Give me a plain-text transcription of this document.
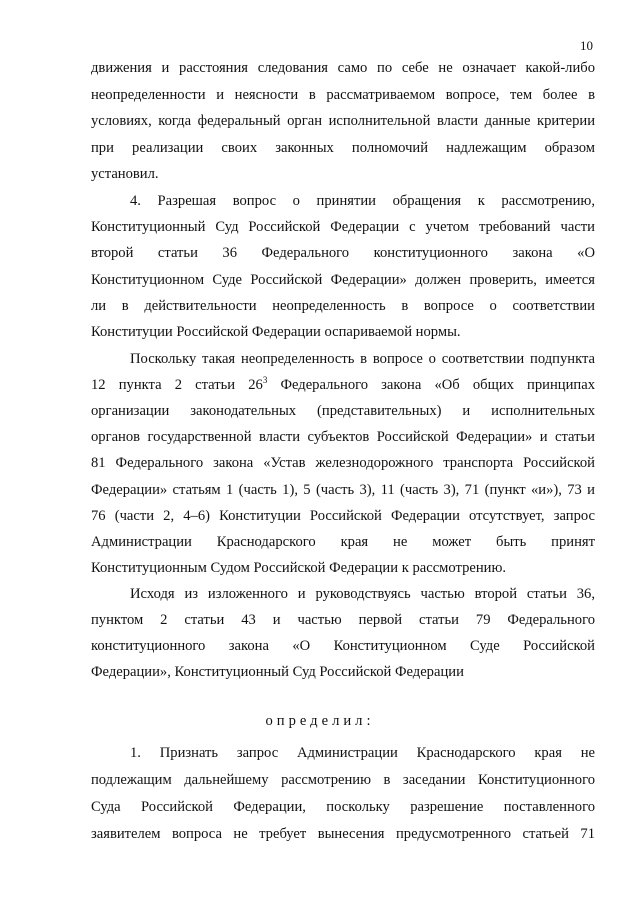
10
движения и расстояния следования само по себе не означает какой-либо
неопределенности и неясности в рассматриваемом вопросе, тем более в
условиях, когда федеральный орган исполнительной власти данные критерии
при реализации своих законных полномочий надлежащим образом
установил.
4. Разрешая вопрос о принятии обращения к рассмотрению,
Конституционный Суд Российской Федерации с учетом требований части
второй статьи 36 Федерального конституционного закона «О
Конституционном Суде Российской Федерации» должен проверить, имеется
ли в действительности неопределенность в вопросе о соответствии
Конституции Российской Федерации оспариваемой нормы.
Поскольку такая неопределенность в вопросе о соответствии подпункта
12 пункта 2 статьи $26^3$ Федерального закона «Об общих принципах
организации законодательных (представительных) и исполнительных
органов государственной власти субъектов Российской Федерации» и статьи
81 Федерального закона «Устав железнодорожного транспорта Российской
Федерации» статьям 1 (часть 1), 5 (часть 3), 11 (часть 3), 71 (пункт «и»), 73 и
76 (части 2, 4–6) Конституции Российской Федерации отсутствует, запрос
Администрации Краснодарского края не может быть принят
Конституционным Судом Российской Федерации к рассмотрению.
Исходя из изложенного и руководствуясь частью второй статьи 36,
пунктом 2 статьи 43 и частью первой статьи 79 Федерального
конституционного закона «О Конституционном Суде Российской
Федерации», Конституционный Суд Российской Федерации
определил:
1. Признать запрос Администрации Краснодарского края не
подлежащим дальнейшему рассмотрению в заседании Конституционного
Суда Российской Федерации, поскольку разрешение поставленного
заявителем вопроса не требует вынесения предусмотренного статьей 71
